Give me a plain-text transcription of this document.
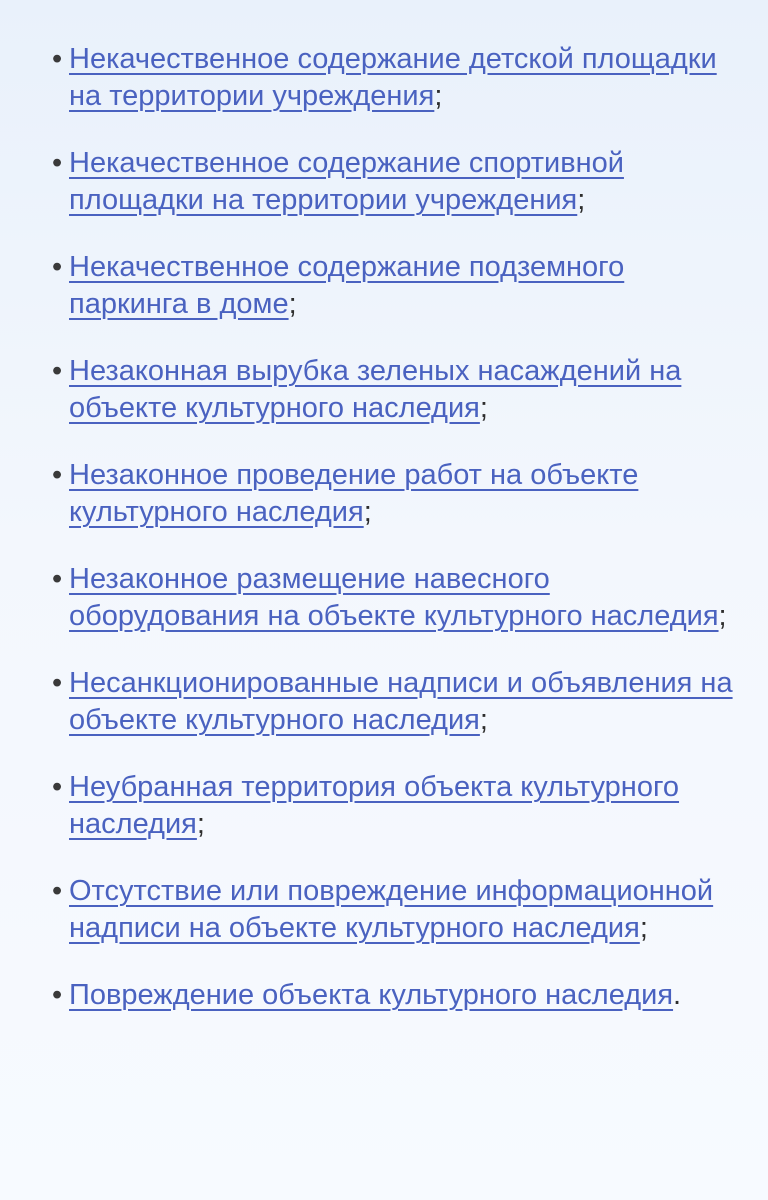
• Некачественное содержание детской площадки на территории учреждения;
• Некачественное содержание спортивной площадки на территории учреждения;
• Некачественное содержание подземного паркинга в доме;
• Незаконная вырубка зеленых насаждений на объекте культурного наследия;
• Незаконное проведение работ на объекте культурного наследия;
• Незаконное размещение навесного оборудования на объекте культурного наследия;
• Несанкционированные надписи и объявления на объекте культурного наследия;
• Неубранная территория объекта культурного наследия;
• Отсутствие или повреждение информационной надписи на объекте культурного наследия;
• Повреждение объекта культурного наследия.
